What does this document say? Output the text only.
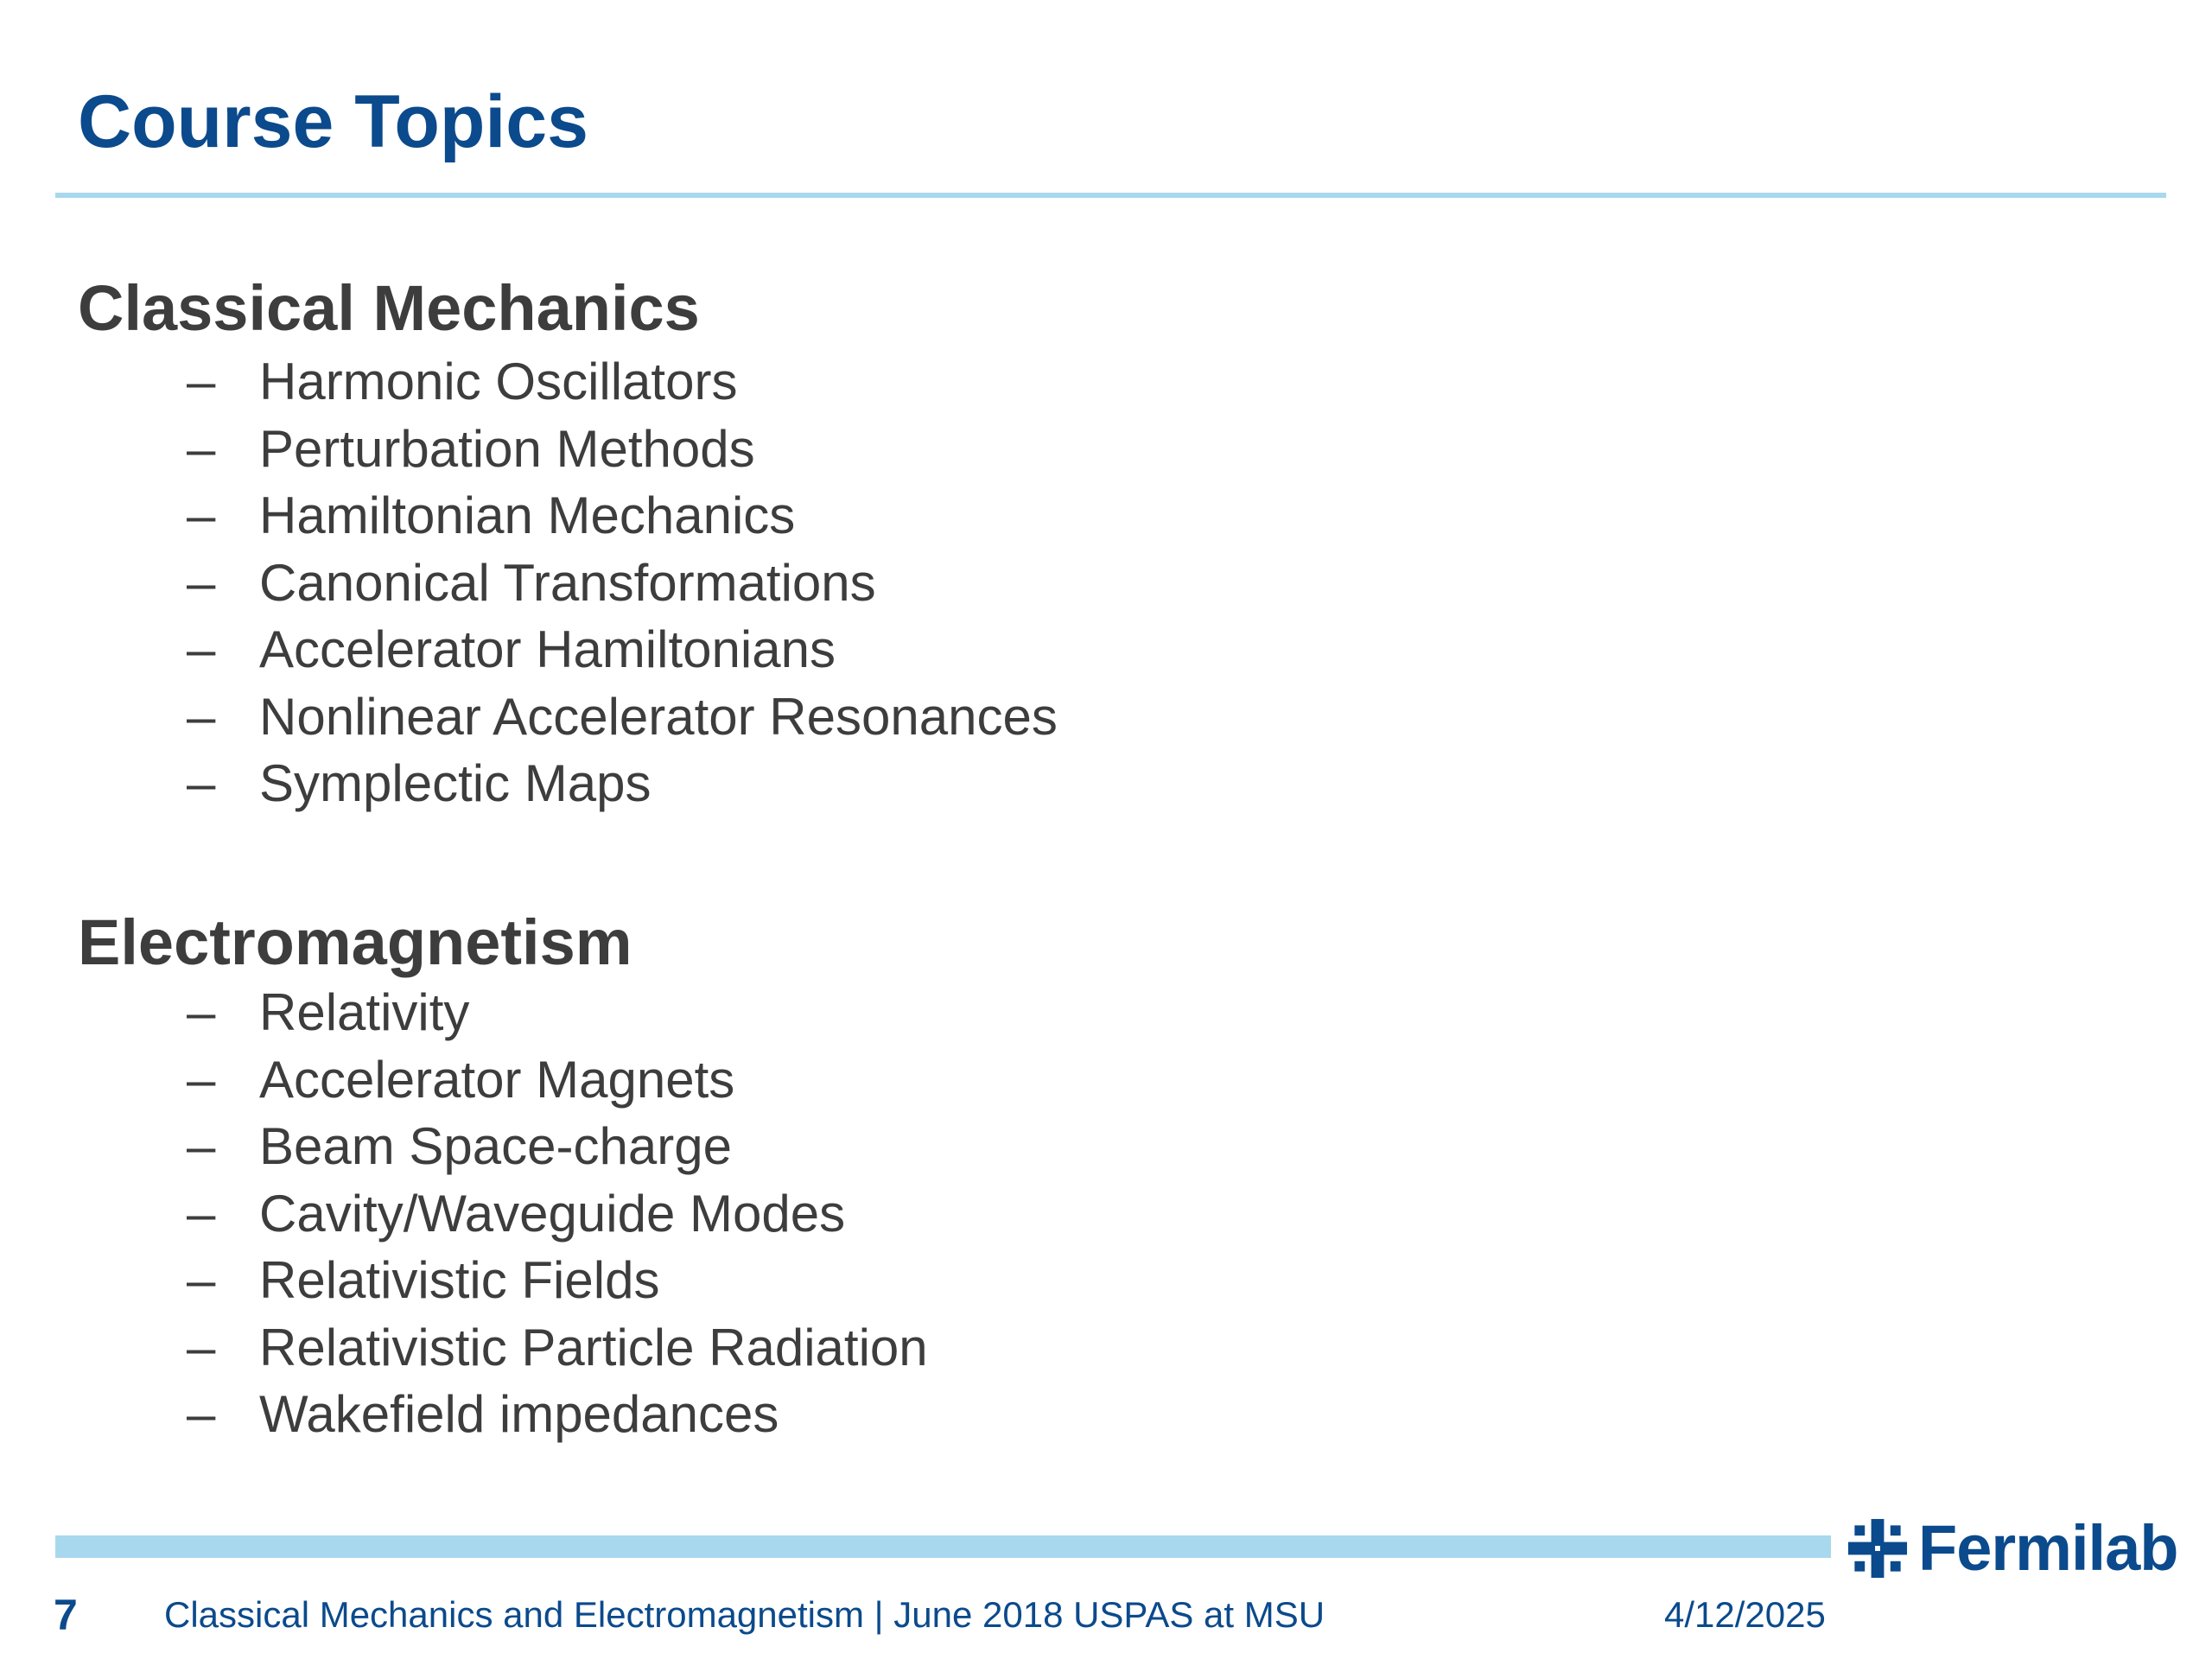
Course Topics
Classical Mechanics
– Harmonic Oscillators
– Perturbation Methods
– Hamiltonian Mechanics
– Canonical Transformations
– Accelerator Hamiltonians
– Nonlinear Accelerator Resonances
– Symplectic Maps
Electromagnetism
– Relativity
– Accelerator Magnets
– Beam Space-charge
– Cavity/Waveguide Modes
– Relativistic Fields
– Relativistic Particle Radiation
– Wakefield impedances
Fermilab
7 Classical Mechanics and Electromagnetism | June 2018 USPAS at MSU	4/12/2025
